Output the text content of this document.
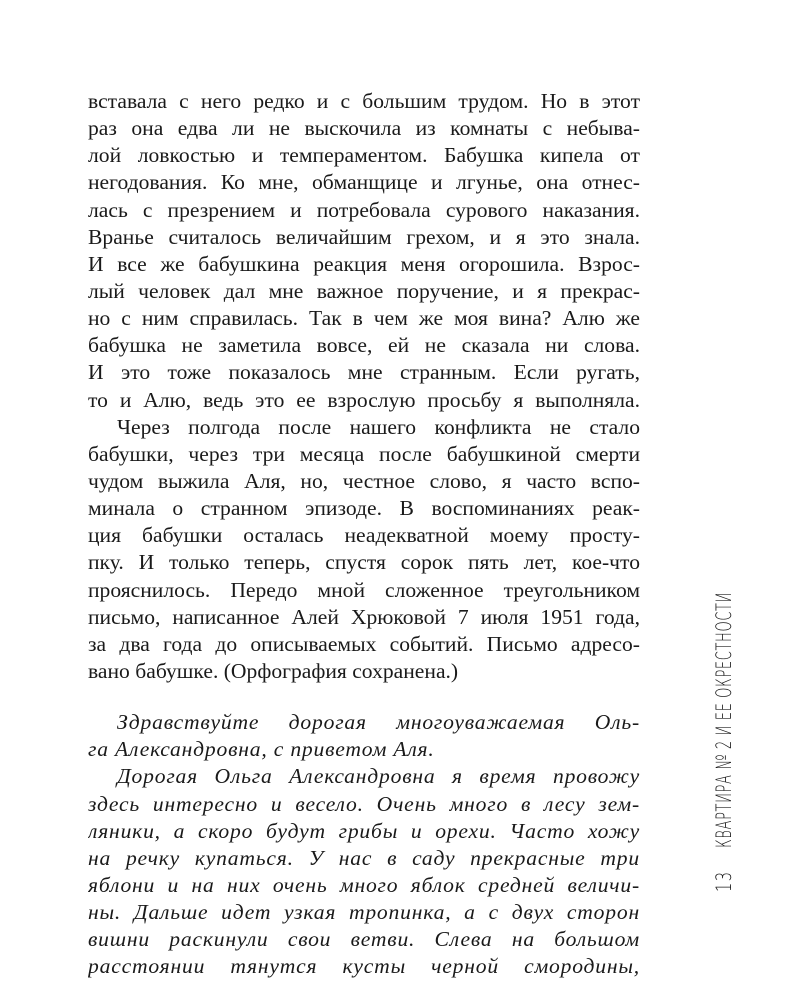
вставала с него редко и с большим трудом. Но в этот
раз она едва ли не выскочила из комнаты с небыва-
лой ловкостью и темпераментом. Бабушка кипела от
негодования. Ко мне, обманщице и лгунье, она отнес-
лась с презрением и потребовала сурового наказания.
Вранье считалось величайшим грехом, и я это знала.
И все же бабушкина реакция меня огорошила. Взрос-
лый человек дал мне важное поручение, и я прекрас-
но с ним справилась. Так в чем же моя вина? Алю же
бабушка не заметила вовсе, ей не сказала ни слова.
И это тоже показалось мне странным. Если ругать,
то и Алю, ведь это ее взрослую просьбу я выполняла.
Через полгода после нашего конфликта не стало
бабушки, через три месяца после бабушкиной смерти
чудом выжила Аля, но, честное слово, я часто вспо-
минала о странном эпизоде. В воспоминаниях реак-
ция бабушки осталась неадекватной моему просту-
пку. И только теперь, спустя сорок пять лет, кое-что
прояснилось. Передо мной сложенное треугольником
письмо, написанное Алей Хрюковой 7 июля 1951 года,
за два года до описываемых событий. Письмо адресо-
вано бабушке. (Орфография сохранена.)
Здравствуйте дорогая многоуважаемая Оль-
га Александровна, с приветом Аля.
Дорогая Ольга Александровна я время провожу
здесь интересно и весело. Очень много в лесу зем-
ляники, а скоро будут грибы и орехи. Часто хожу
на речку купаться. У нас в саду прекрасные три
яблони и на них очень много яблок средней величи-
ны. Дальше идет узкая тропинка, а с двух сторон
вишни раскинули свои ветви. Слева на большом
расстоянии тянутся кусты черной смородины,
13
КВАРТИРА № 2 И ЕЕ ОКРЕСТНОСТИ
